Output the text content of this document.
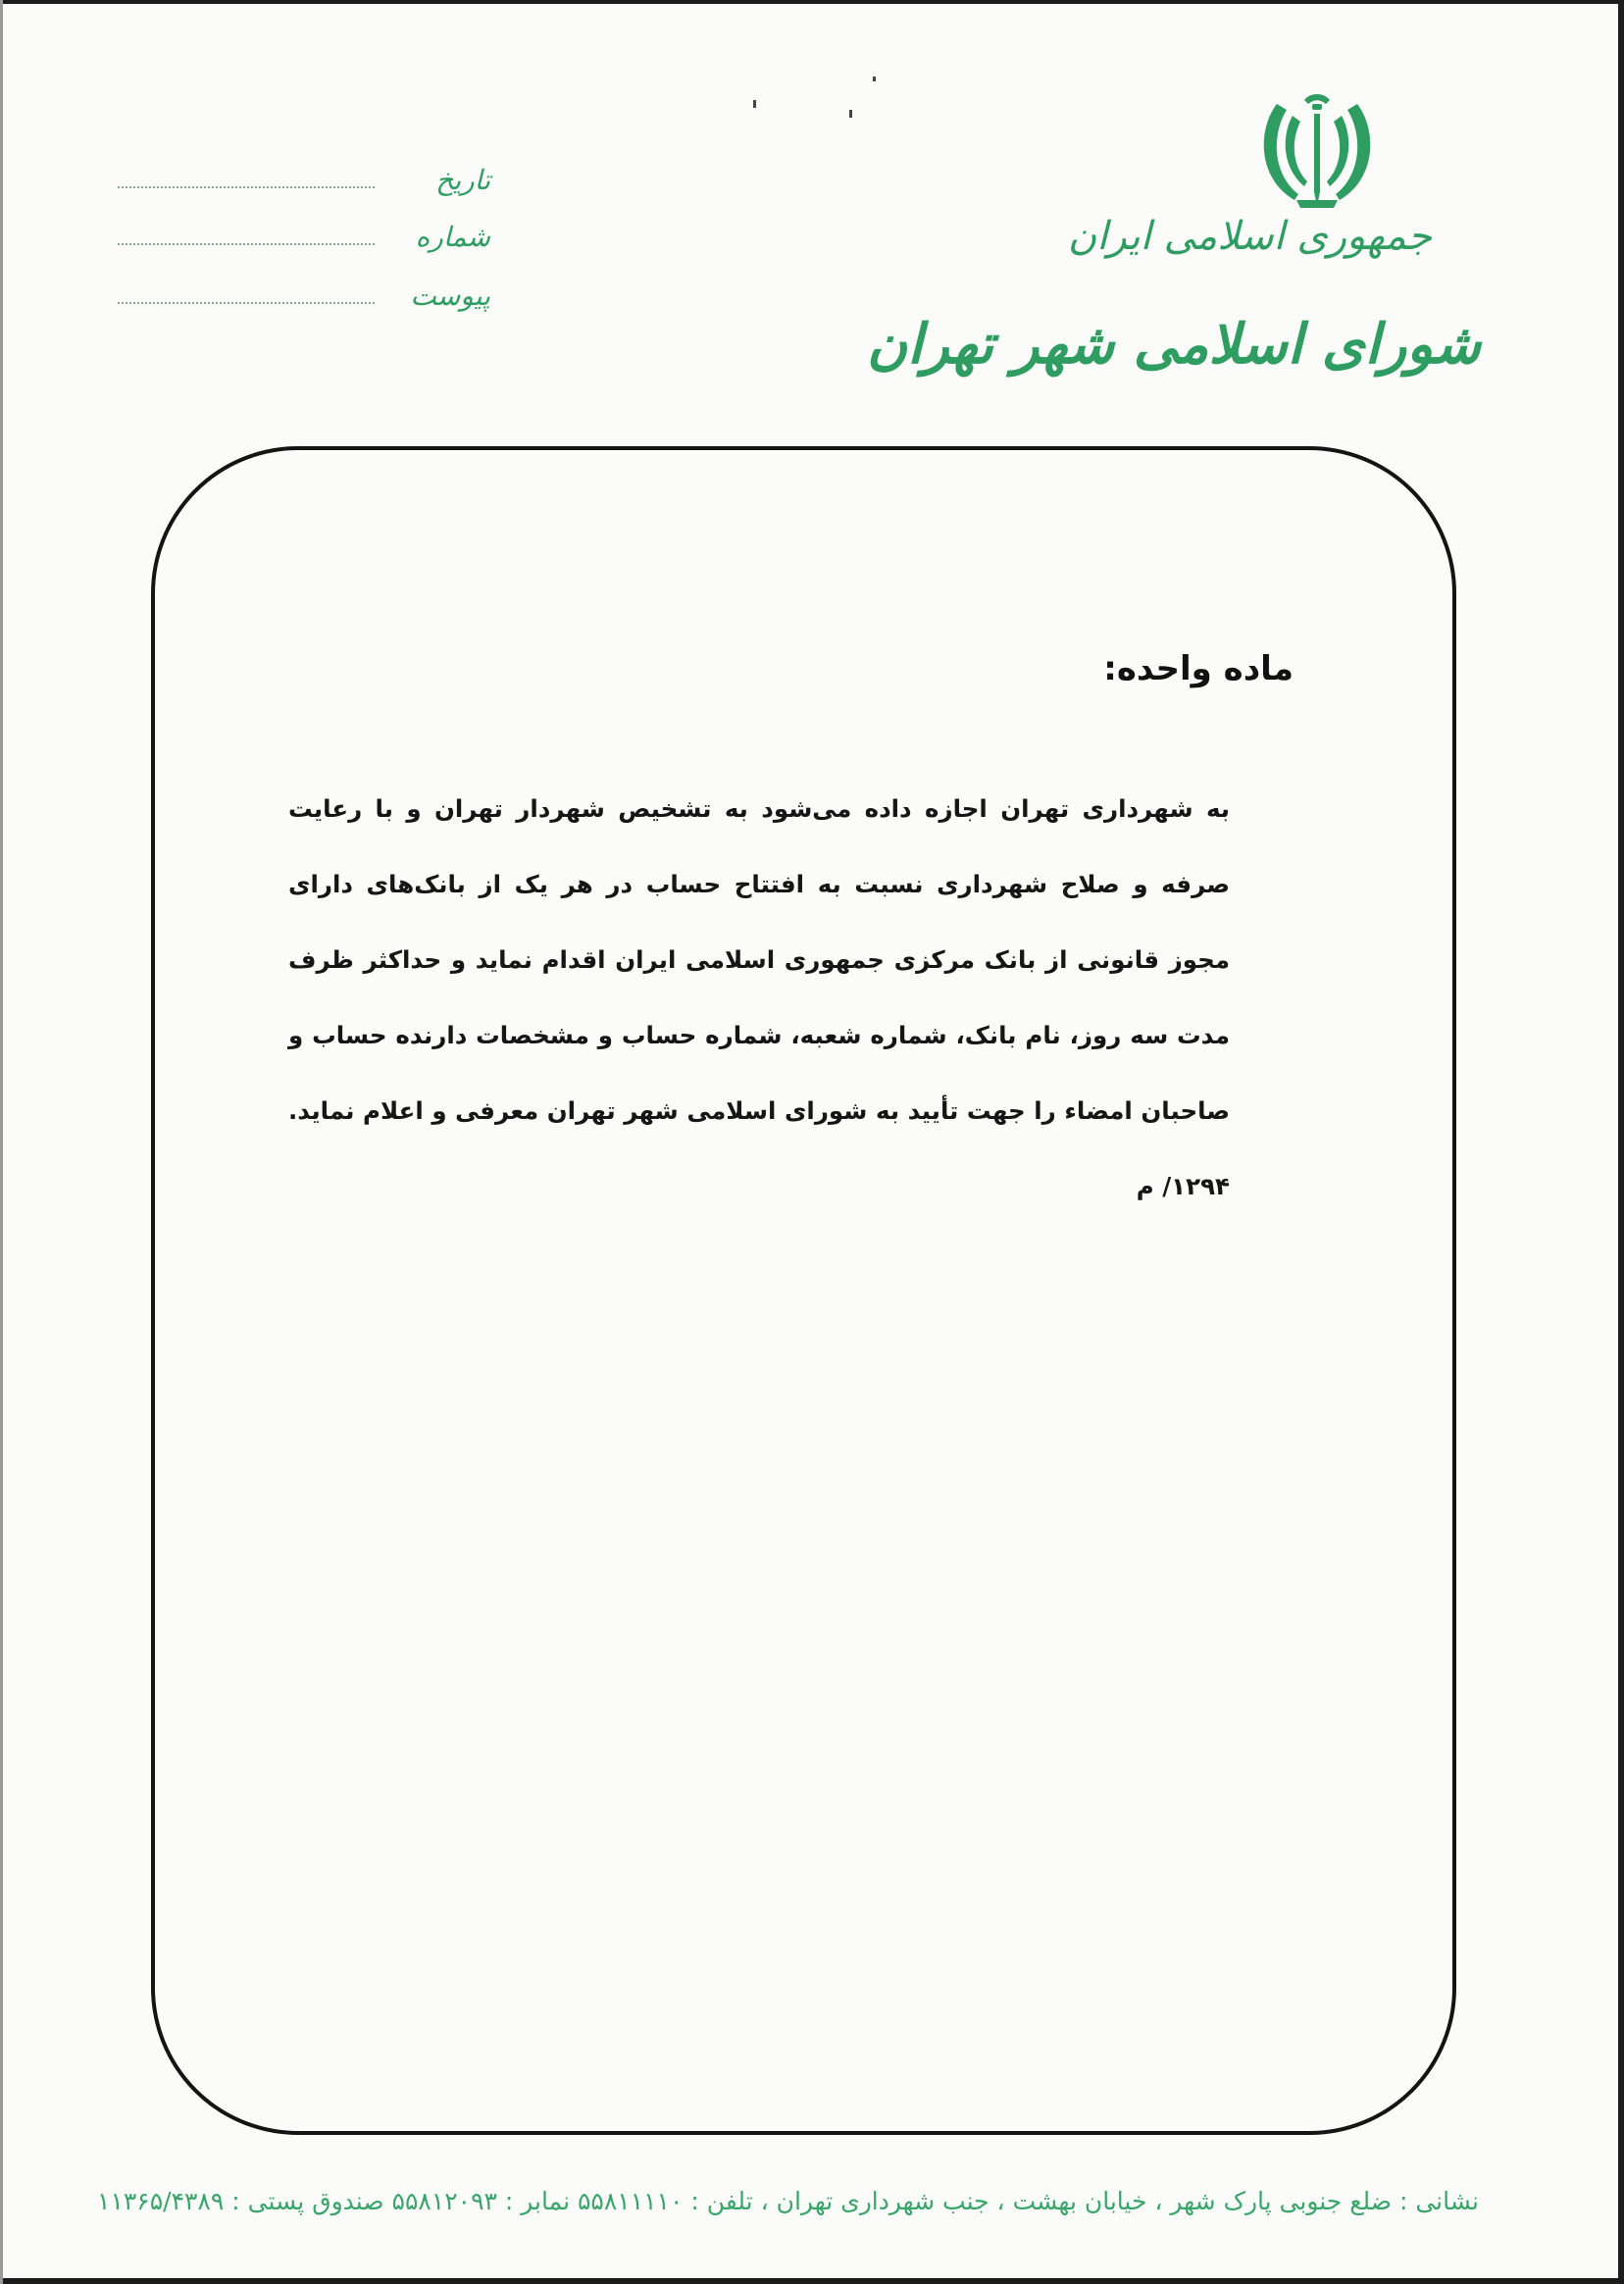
جمهوری اسلامی ایران
شورای اسلامی شهر تهران
تاریخ
شماره
پیوست
ماده واحده:

به شهرداری تهران اجازه داده می‌شود به تشخیص شهردار تهران و با رعایت صرفه و صلاح شهرداری نسبت به افتتاح حساب در هر یک از بانک‌های دارای مجوز قانونی از بانک مرکزی جمهوری اسلامی ایران اقدام نماید و حداکثر ظرف مدت سه روز، نام بانک، شماره شعبه، شماره حساب و مشخصات دارنده حساب و صاحبان امضاء را جهت تأیید به شورای اسلامی شهر تهران معرفی و اعلام نماید. ۱۲۹۴/ م

نشانی : ضلع جنوبی پارک شهر ، خیابان بهشت ، جنب شهرداری تهران ، تلفن : ۵۵۸۱۱۱۱۰ نمابر : ۵۵۸۱۲۰۹۳ صندوق پستی : ۱۱۳۶۵/۴۳۸۹
